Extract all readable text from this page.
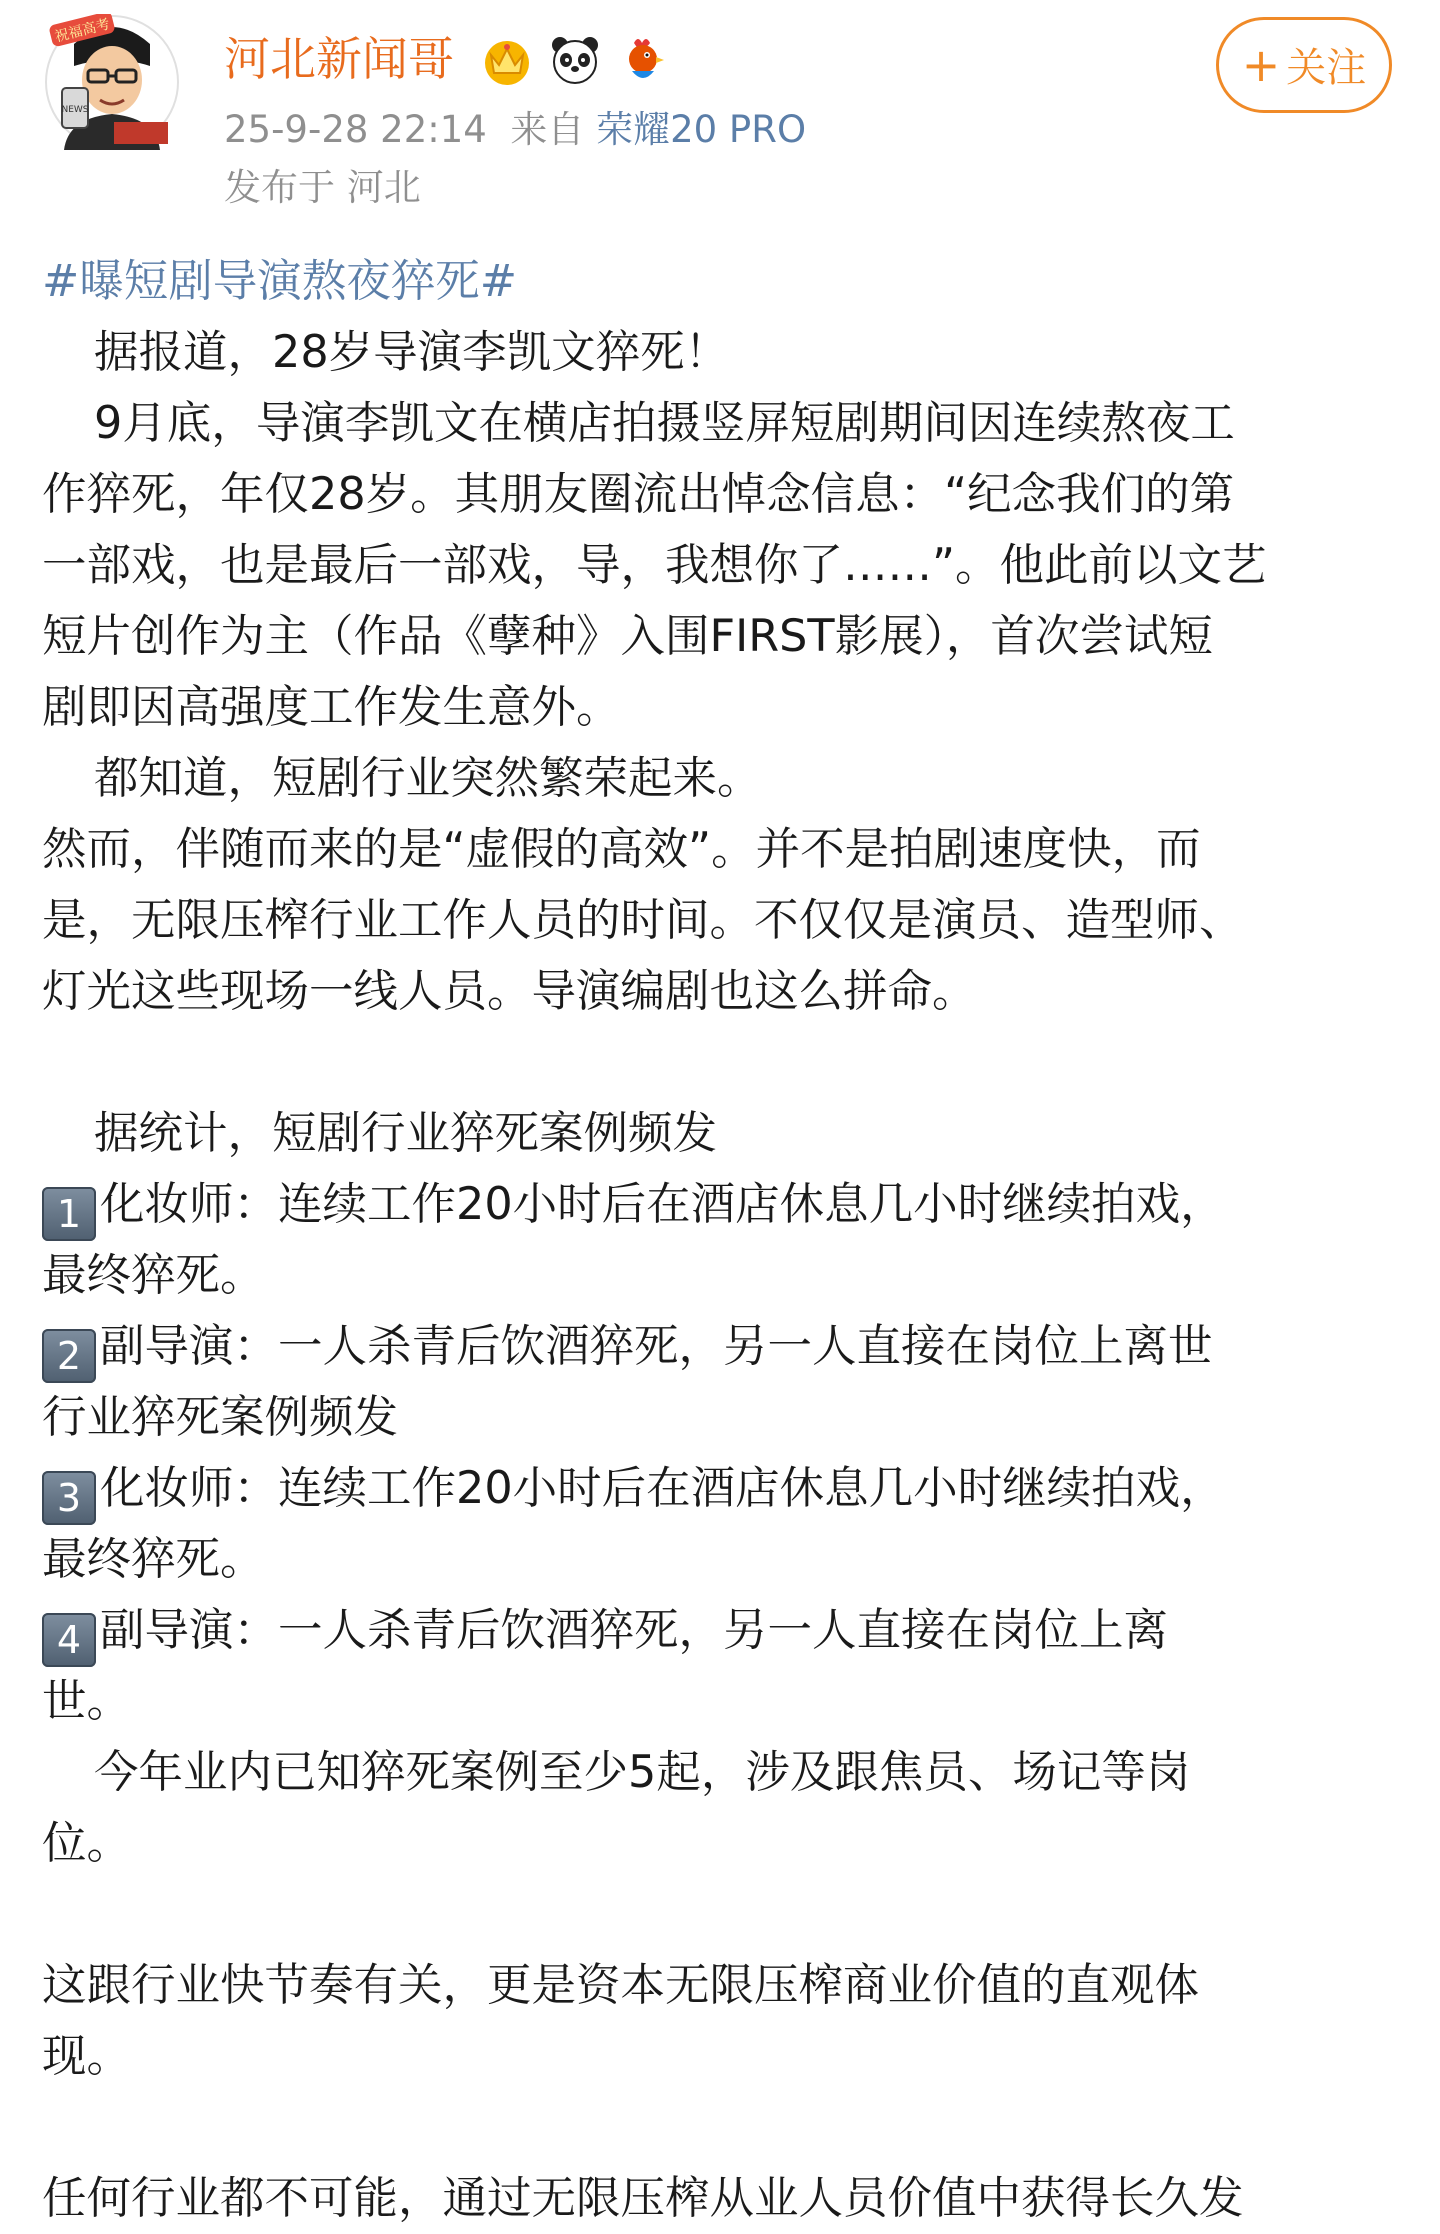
NEWS
祝福高考
河北新闻哥
25-9-28 22:14 来自 荣耀20 PRO
发布于 河北
+ 关注
#曝短剧导演熬夜猝死#
据报道，28岁导演李凯文猝死！
9月底，导演李凯文在横店拍摄竖屏短剧期间因连续熬夜工
作猝死，年仅28岁。其朋友圈流出悼念信息：“纪念我们的第
一部戏，也是最后一部戏，导，我想你了……”。他此前以文艺
短片创作为主（作品《孽种》入围FIRST影展），首次尝试短
剧即因高强度工作发生意外。
都知道，短剧行业突然繁荣起来。
然而，伴随而来的是“虚假的高效”。并不是拍剧速度快，而
是，无限压榨行业工作人员的时间。不仅仅是演员、造型师、
灯光这些现场一线人员。导演编剧也这么拼命。
据统计，短剧行业猝死案例频发
1 化妆师：连续工作20小时后在酒店休息几小时继续拍戏，
最终猝死。
2 副导演：一人杀青后饮酒猝死，另一人直接在岗位上离世
行业猝死案例频发
3 化妆师：连续工作20小时后在酒店休息几小时继续拍戏，
最终猝死。
4 副导演：一人杀青后饮酒猝死，另一人直接在岗位上离
世。
今年业内已知猝死案例至少5起，涉及跟焦员、场记等岗
位。
这跟行业快节奏有关，更是资本无限压榨商业价值的直观体
现。
任何行业都不可能，通过无限压榨从业人员价值中获得长久发
